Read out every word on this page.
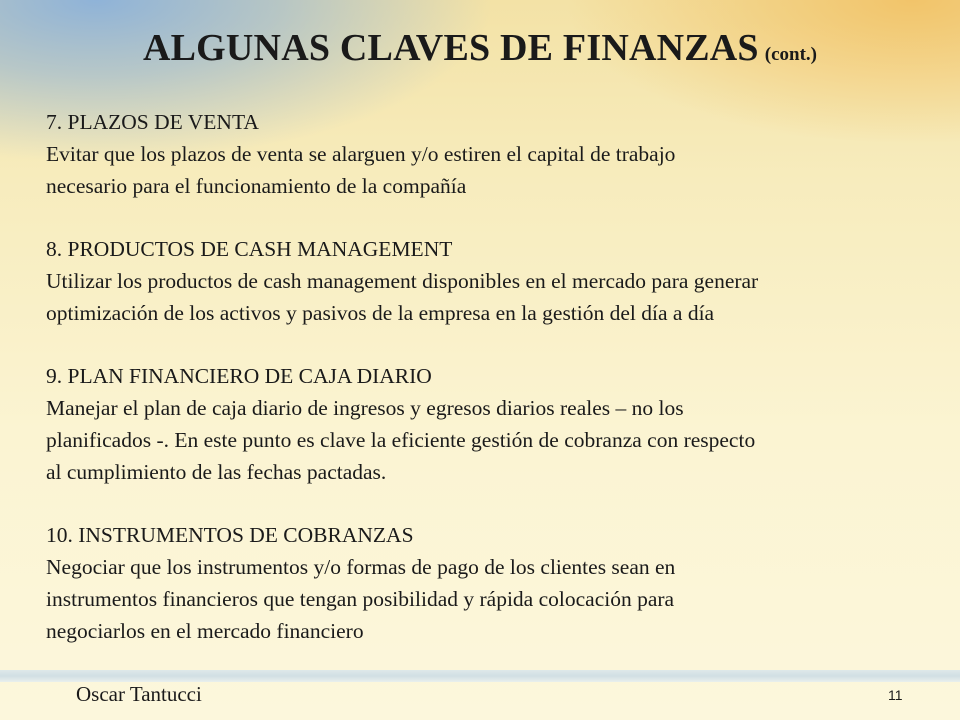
ALGUNAS CLAVES DE FINANZAS (cont.)

7. PLAZOS DE VENTA

Evitar que los plazos de venta se alarguen y/o estiren el capital de trabajo

necesario para el funcionamiento de la compañía

8. PRODUCTOS DE CASH MANAGEMENT

Utilizar los productos de cash management disponibles en el mercado para generar

optimización de los activos y pasivos de la empresa en la gestión del día a día

9. PLAN FINANCIERO DE CAJA DIARIO

Manejar el plan de caja diario de ingresos y egresos diarios reales – no los

planificados -. En este punto es clave la eficiente gestión de cobranza con respecto

al cumplimiento de las fechas pactadas.

10. INSTRUMENTOS DE COBRANZAS

Negociar que los instrumentos y/o formas de pago de los clientes sean en

instrumentos financieros que tengan posibilidad y rápida colocación para

negociarlos en el mercado financiero

Oscar Tantucci	11
